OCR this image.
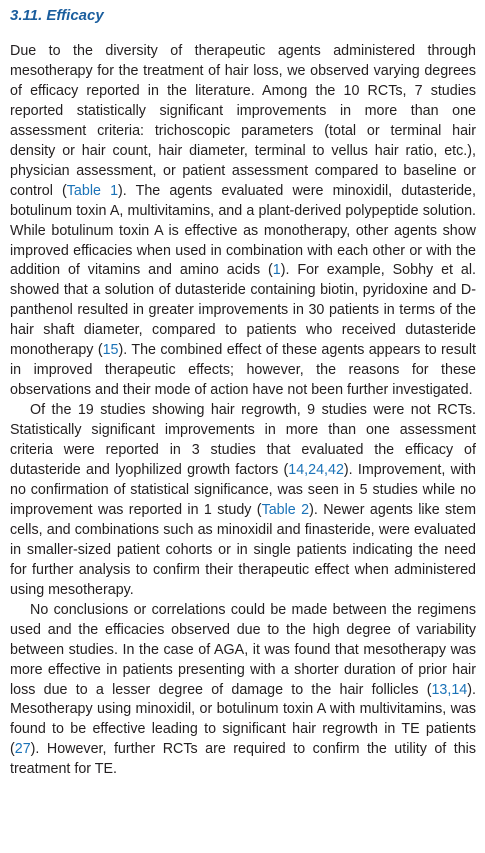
3.11. Efficacy

Due to the diversity of therapeutic agents administered through mesotherapy for the treatment of hair loss, we observed varying degrees of efficacy reported in the literature. Among the 10 RCTs, 7 studies reported statistically significant improvements in more than one assessment criteria: trichoscopic parameters (total or terminal hair density or hair count, hair diameter, terminal to vellus hair ratio, etc.), physician assessment, or patient assessment compared to baseline or control (Table 1). The agents evaluated were minoxidil, dutasteride, botulinum toxin A, multivitamins, and a plant-derived polypeptide solution. While botulinum toxin A is effective as monotherapy, other agents show improved efficacies when used in combination with each other or with the addition of vitamins and amino acids (1). For example, Sobhy et al. showed that a solution of dutasteride containing biotin, pyridoxine and D-panthenol resulted in greater improvements in 30 patients in terms of the hair shaft diameter, compared to patients who received dutasteride monotherapy (15). The combined effect of these agents appears to result in improved therapeutic effects; however, the reasons for these observations and their mode of action have not been further investigated.

Of the 19 studies showing hair regrowth, 9 studies were not RCTs. Statistically significant improvements in more than one assessment criteria were reported in 3 studies that evaluated the efficacy of dutasteride and lyophilized growth factors (14,24,42). Improvement, with no confirmation of statistical significance, was seen in 5 studies while no improvement was reported in 1 study (Table 2). Newer agents like stem cells, and combinations such as minoxidil and finasteride, were evaluated in smaller-sized patient cohorts or in single patients indicating the need for further analysis to confirm their therapeutic effect when administered using mesotherapy.

No conclusions or correlations could be made between the regimens used and the efficacies observed due to the high degree of variability between studies. In the case of AGA, it was found that mesotherapy was more effective in patients presenting with a shorter duration of prior hair loss due to a lesser degree of damage to the hair follicles (13,14). Mesotherapy using minoxidil, or botulinum toxin A with multivitamins, was found to be effective leading to significant hair regrowth in TE patients (27). However, further RCTs are required to confirm the utility of this treatment for TE.
